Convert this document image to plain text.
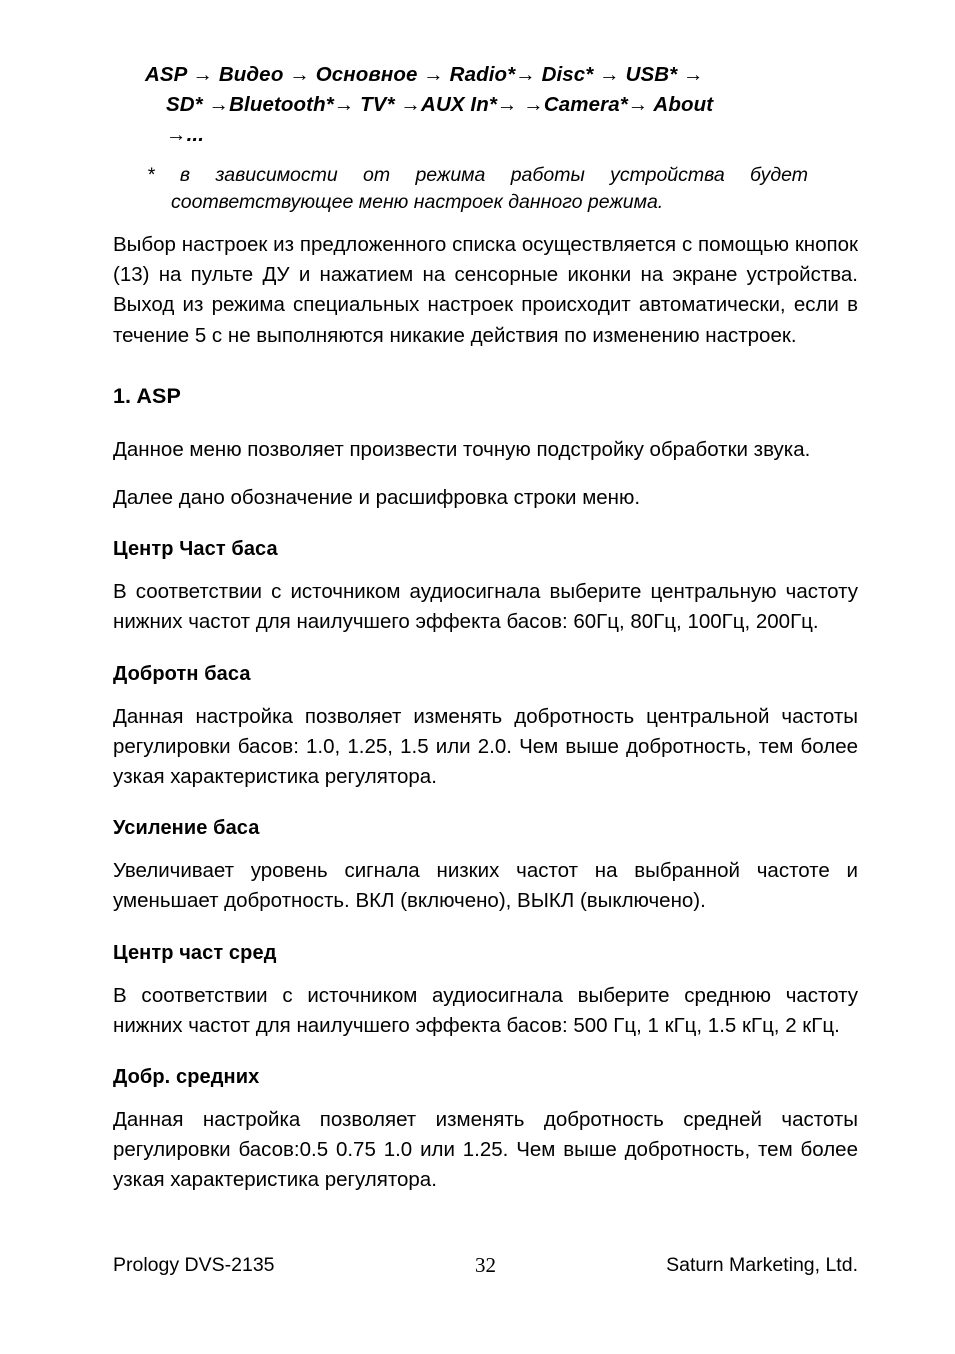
ASP → Видео → Основное → Radio*→ Disc* → USB* →
SD* →Bluetooth*→ TV* →AUX In*→ →Camera*→ About
→...
* в зависимости от режима работы устройства будет
соответствующее меню настроек данного режима.

Выбор настроек из предложенного списка осуществляется с помощью кнопок (13) на пульте ДУ и нажатием на сенсорные иконки на экране устройства. Выход из режима специальных настроек происходит автоматически, если в течение 5 с не выполняются никакие действия по изменению настроек.

1. ASP

Данное меню позволяет произвести точную подстройку обработки звука.

Далее дано обозначение и расшифровка строки меню.

Центр Част баса

В соответствии с источником аудиосигнала выберите центральную частоту нижних частот для наилучшего эффекта басов: 60Гц, 80Гц, 100Гц, 200Гц.

Добротн баса

Данная настройка позволяет изменять добротность центральной частоты регулировки басов: 1.0, 1.25, 1.5 или 2.0. Чем выше добротность, тем более узкая характеристика регулятора.

Усиление баса

Увеличивает уровень сигнала низких частот на выбранной частоте и уменьшает добротность. ВКЛ (включено), ВЫКЛ (выключено).

Центр част сред

В соответствии с источником аудиосигнала выберите среднюю частоту нижних частот для наилучшего эффекта басов: 500 Гц, 1 кГц, 1.5 кГц, 2 кГц.

Добр. средних

Данная настройка позволяет изменять добротность средней частоты регулировки басов:0.5 0.75 1.0 или 1.25. Чем выше добротность, тем более узкая характеристика регулятора.

Prology DVS-2135	32	Saturn Marketing, Ltd.
